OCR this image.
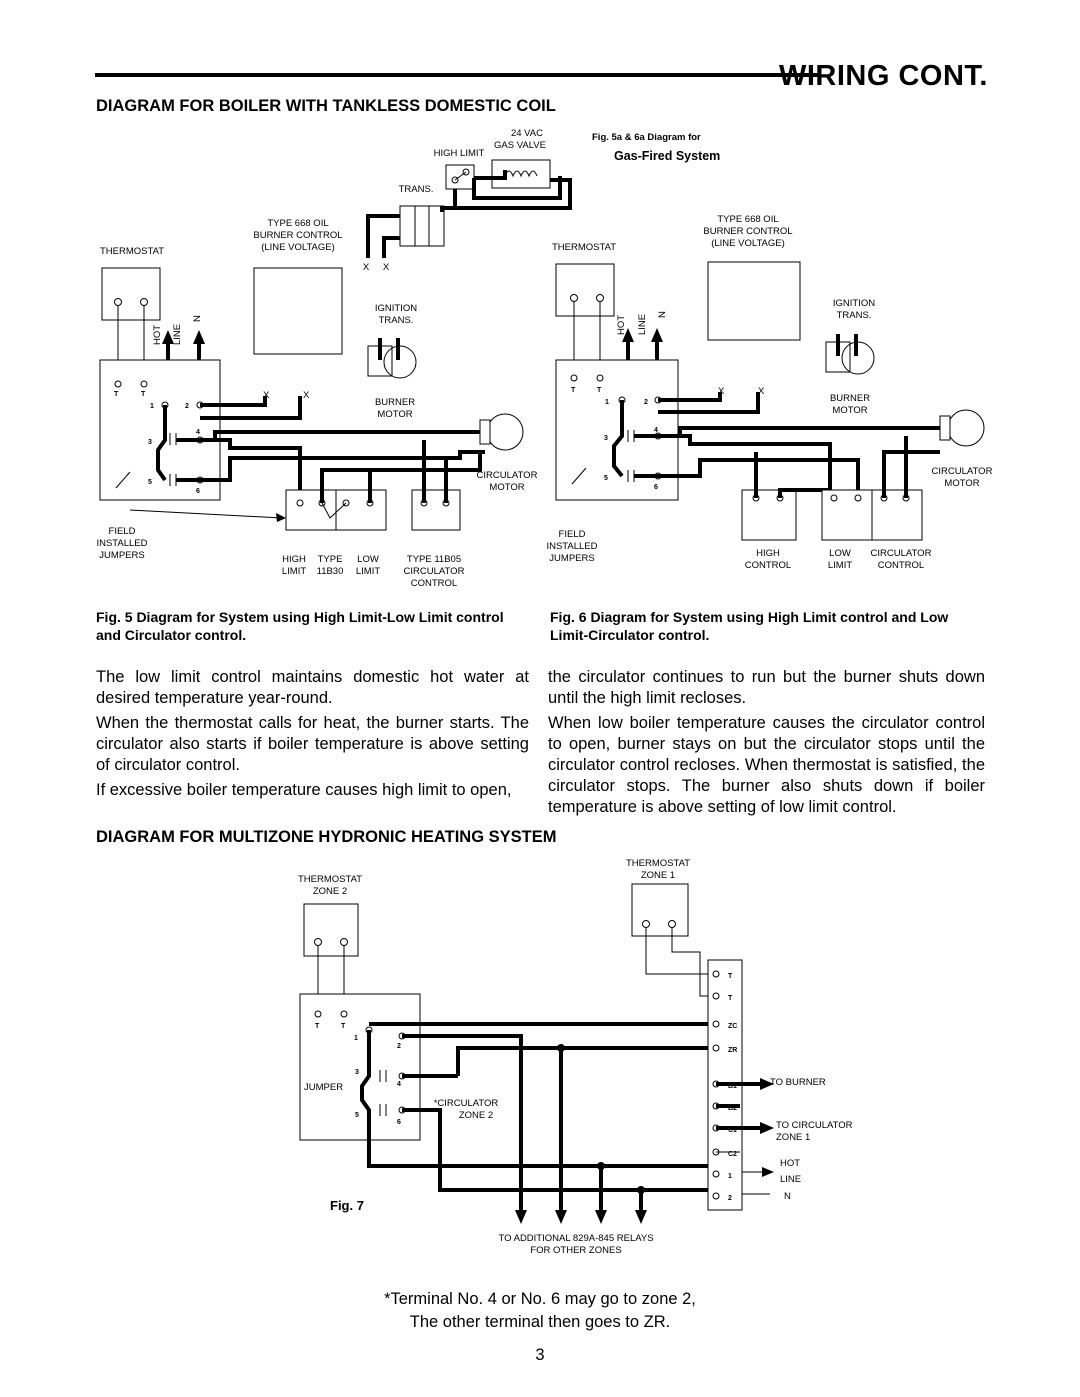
WIRING CONT.
DIAGRAM FOR BOILER WITH TANKLESS DOMESTIC COIL
24 VAC
GAS VALVE
HIGH LIMIT
TRANS.
X X
Fig. 5a & 6a Diagram for
Gas-Fired System
TYPE 668 OIL
BURNER CONTROL
(LINE VOLTAGE)
THERMOSTAT
HOT LINE
N
T	T
1	2
3
4
5
6
X	X
IGNITION
TRANS.
BURNER
MOTOR
CIRCULATOR
MOTOR
FIELD
INSTALLED
JUMPERS	HIGH
LIMIT
TYPE
11B30
LOW
LIMIT
TYPE 11B05
CIRCULATOR
CONTROL
TYPE 668 OIL
BURNER CONTROL
(LINE VOLTAGE)
THERMOSTAT
HOT LINE N
T	T
1	2
3
4
5
6
X	X
IGNITION
TRANS.
BURNER
MOTOR
CIRCULATOR
MOTOR
FIELD
INSTALLED
JUMPERS	HIGH
CONTROL
LOW
LIMIT
CIRCULATOR
CONTROL
Fig. 5 Diagram for System using High Limit-Low Limit control and Circulator control.
Fig. 6 Diagram for System using High Limit control and Low Limit-Circulator control.

The low limit control maintains domestic hot water at desired temperature year-round.

When the thermostat calls for heat, the burner starts. The circulator also starts if boiler temperature is above setting of circulator control.

If excessive boiler temperature causes high limit to open,

the circulator continues to run but the burner shuts down until the high limit recloses.

When low boiler temperature causes the circulator control to open, burner stays on but the circulator stops until the circulator control recloses. When thermostat is satisfied, the circulator stops. The burner also shuts down if boiler temperature is above setting of low limit control.

DIAGRAM FOR MULTIZONE HYDRONIC HEATING SYSTEM
THERMOSTAT
ZONE 1
THERMOSTAT
ZONE 2
T	T
1
2
3
4
JUMPER
5
6
*CIRCULATOR
ZONE 2
TO ADDITIONAL 829A-845 RELAYS
FOR OTHER ZONES
T
T
ZC
ZR
B1
B2
C1
C2
1
2
TO BURNER
TO CIRCULATOR
ZONE 1
HOT
LINE
N
Fig. 7
*Terminal No. 4 or No. 6 may go to zone 2,
The other terminal then goes to ZR.
3
